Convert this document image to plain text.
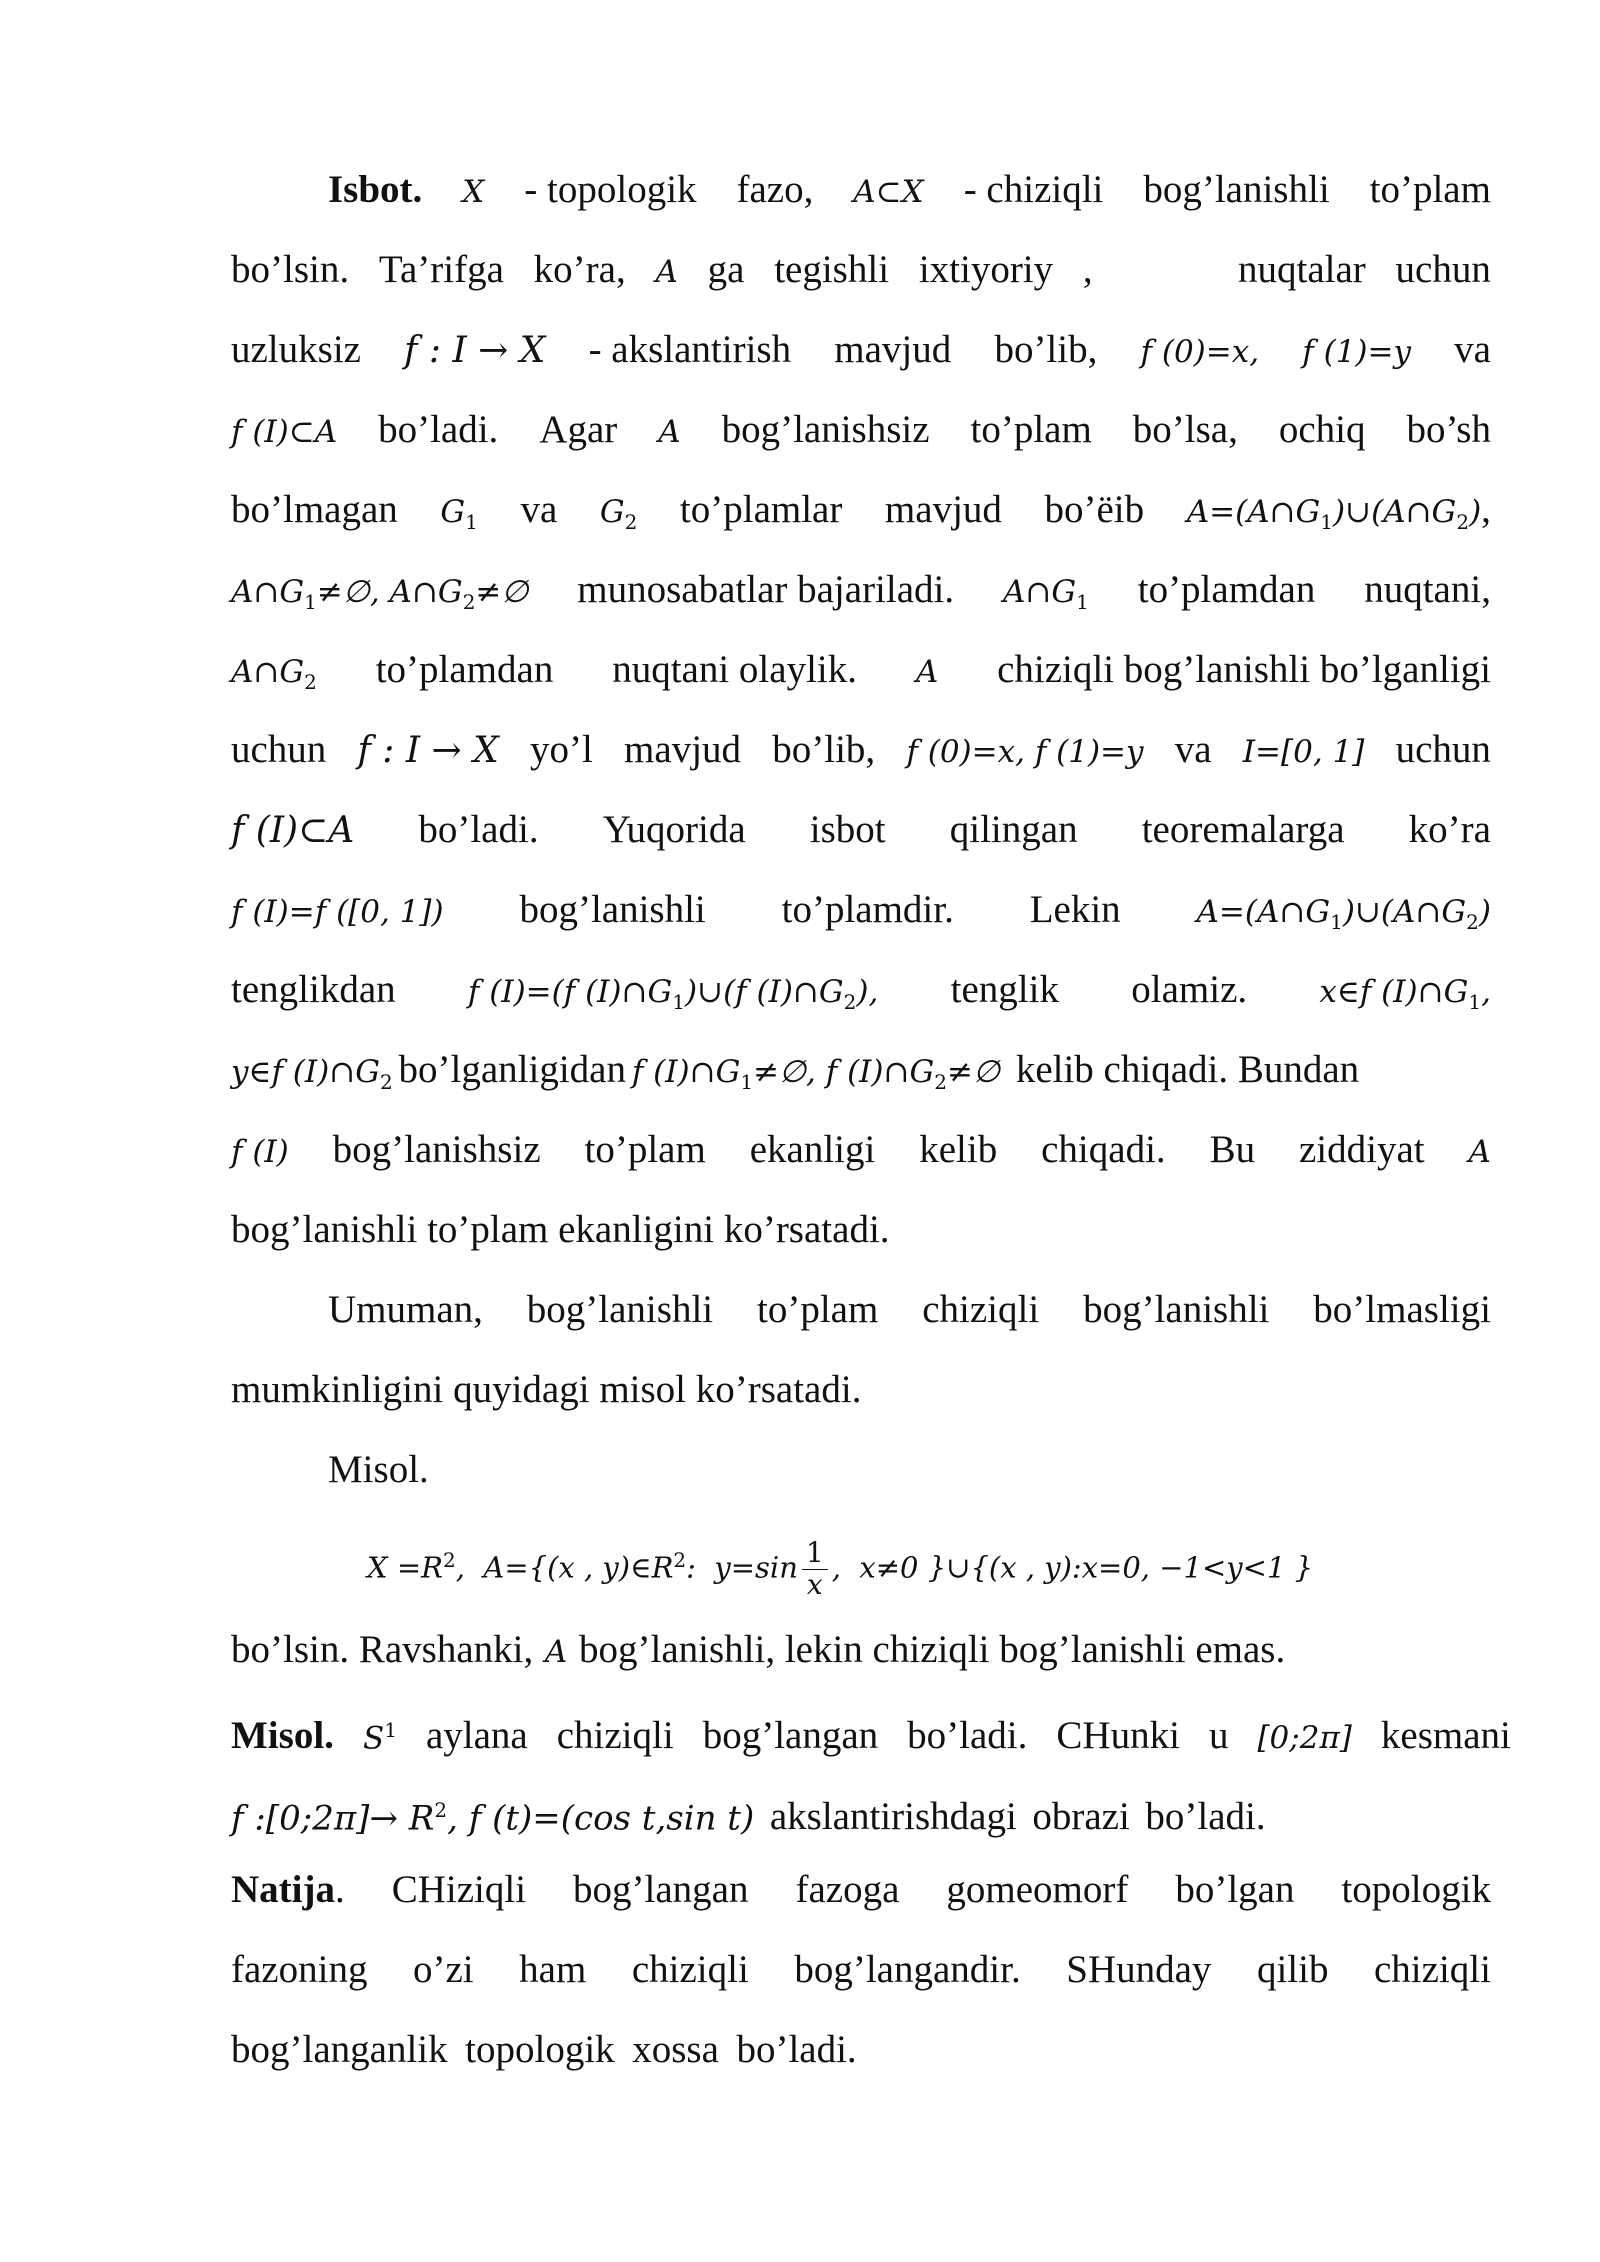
Isbot. X - topologik fazo, A⊂X - chiziqli bog’lanishli to’plam
bo’lsin. Ta’rifga ko’ra, A ga tegishli ixtiyoriy ,	nuqtalar uchun
uzluksiz f : I → X - akslantirish mavjud bo’lib, f (0)=x, f (1)=y va
f (I)⊂A bo’ladi. Agar A bog’lanishsiz to’plam bo’lsa, ochiq bo’sh
bo’lmagan $G_1$ va $G_2$ to’plamlar mavjud bo’ëib $A=(A\cap G_1)\cup(A\cap G_2)$,
$A\cap G_1\ne\emptyset$, $A\cap G_2\ne\emptyset$ munosabatlar bajariladi. $A\cap G_1$ to’plamdan nuqtani,
$A\cap G_2$ to’plamdan nuqtani olaylik. A chiziqli bog’lanishli bo’lganligi
uchun f : I → X yo’l mavjud bo’lib, f (0)=x, f (1)=y va I=[0, 1] uchun
f (I)⊂A bo’ladi. Yuqorida isbot qilingan teoremalarga ko’ra
f (I)=f ([0, 1]) bog’lanishli to’plamdir. Lekin $A=(A\cap G_1)\cup(A\cap G_2)$
tenglikdan f (I)=(f $(I)\cap G_1)\cup(f$ $(I)\cap G_2$), tenglik olamiz. x∈f $(I)\cap G_1$,
y∈f $(I)\cap G_2$ bo’lganligidan f $(I)\cap G_1\ne\emptyset$, f $(I)\cap G_2\ne\emptyset$ kelib chiqadi. Bundan
f (I) bog’lanishsiz to’plam ekanligi kelib chiqadi. Bu ziddiyat A
bog’lanishli to’plam ekanligini ko’rsatadi.
Umuman, bog’lanishli to’plam chiziqli bog’lanishli bo’lmasligi
mumkinligini quyidagi misol ko’rsatadi.
Misol.
$X =R^2$,  A={(x , $y)\in R^2$:  $y=\sin \frac{1}{x}$ ,  x≠0 }∪{(x , y):x=0, −1<y<1 }
bo’lsin. Ravshanki, A bog’lanishli, lekin chiziqli bog’lanishli emas.
Misol. $S^1$ aylana chiziqli bog’langan bo’ladi. CHunki u [0;2π] kesmani
f :[0;2π]→ $R^2$, f (t)=(cos t,sin t) akslantirishdagi obrazi bo’ladi.
Natija. CHiziqli bog’langan fazoga gomeomorf bo’lgan topologik
fazoning o’zi ham chiziqli bog’langandir. SHunday qilib chiziqli
bog’langanlik topologik xossa bo’ladi.
